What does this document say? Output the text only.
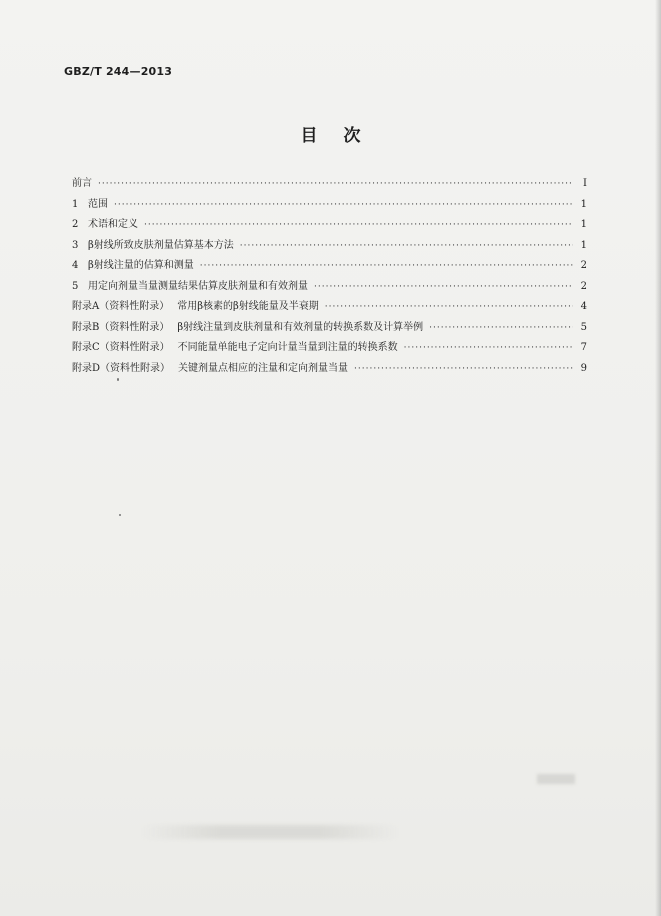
GBZ/T 244—2013
目次
前言 ·····	Ⅰ
1 范围 ·····	1
2 术语和定义 ·····	1
3 β射线所致皮肤剂量估算基本方法 ·····	1
4 β射线注量的估算和测量 ·····	2
5 用定向剂量当量测量结果估算皮肤剂量和有效剂量 ·····	2
附录A（资料性附录） 常用β核素的β射线能量及半衰期 ·····	4
附录B（资料性附录） β射线注量到皮肤剂量和有效剂量的转换系数及计算举例 ·····	5
附录C（资料性附录） 不同能量单能电子定向计量当量到注量的转换系数 ·····	7
附录D（资料性附录） 关键剂量点相应的注量和定向剂量当量 ·····	9
